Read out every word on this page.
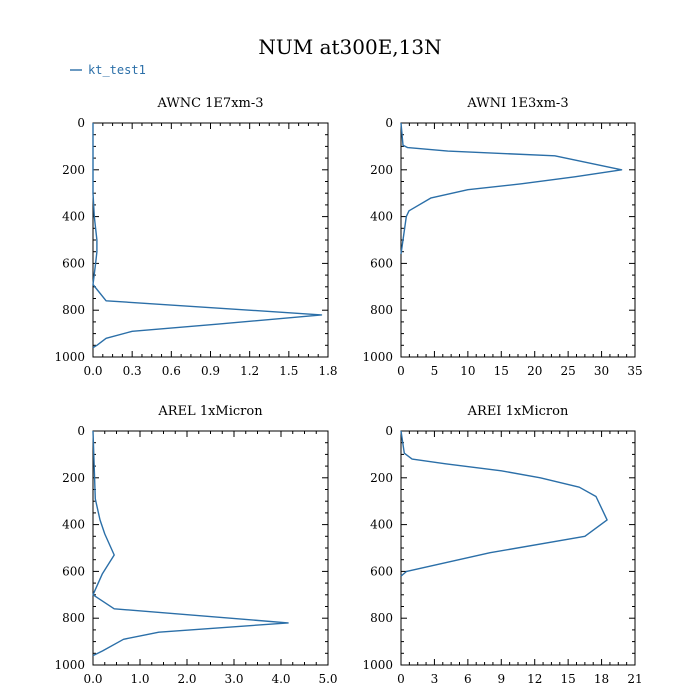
NUM at300E,13N
kt_test1
AWNC 1E7xm-3
0.0 0.3 0.6 0.9 1.2 1.5 1.8
0
200
400
600
800
1000
AWNI 1E3xm-3
0 5 10 15 20 25 30 35
0
200
400
600
800
1000
AREL 1xMicron
0.0 1.0 2.0 3.0 4.0 5.0
0
200
400
600
800
1000
AREI 1xMicron
0 3 6 9 12 15 18 21
0
200
400
600
800
1000
